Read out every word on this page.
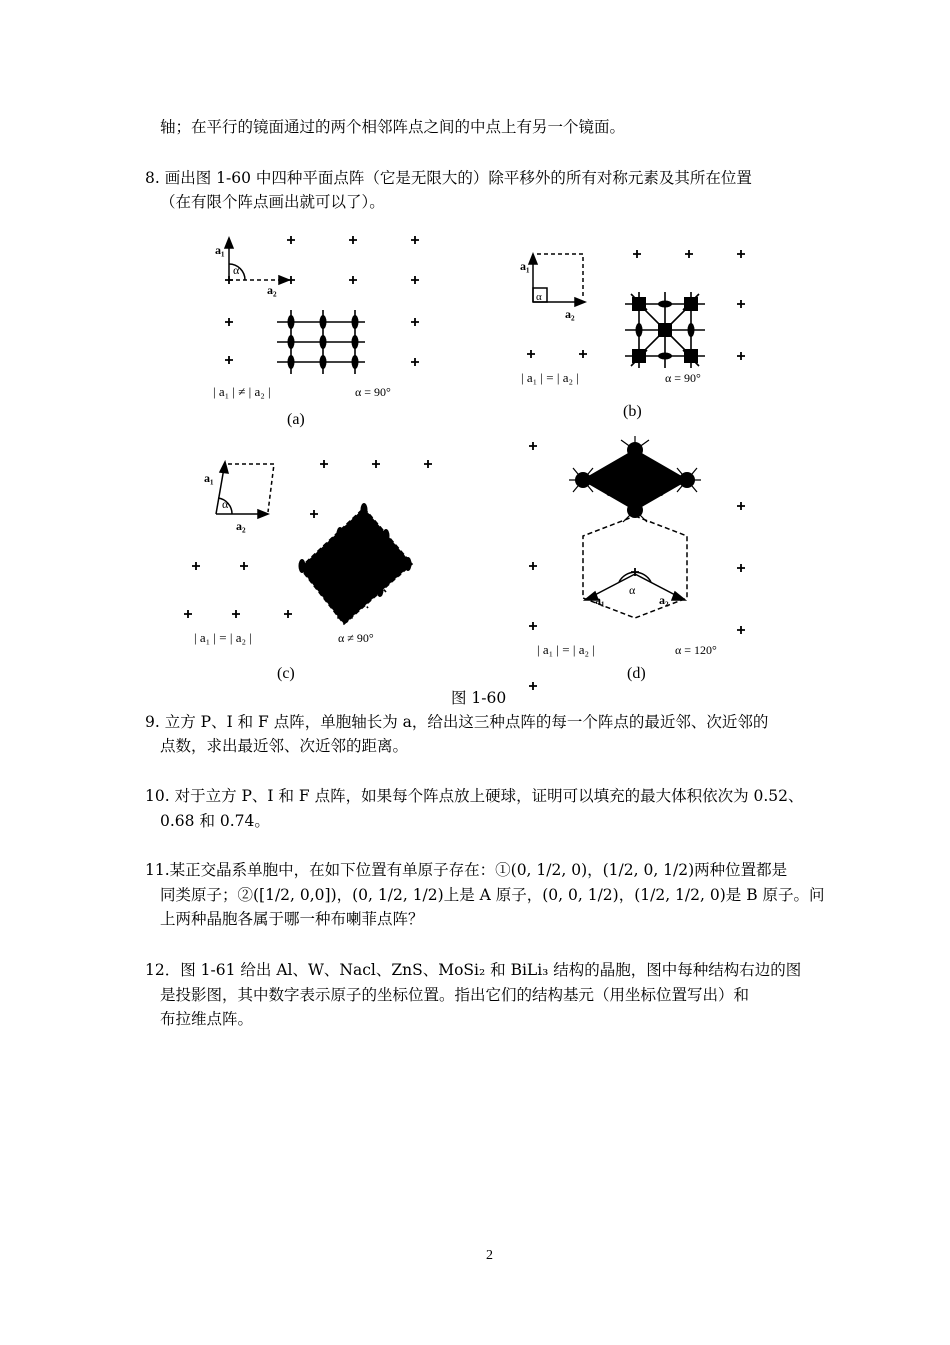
轴；在平行的镜面通过的两个相邻阵点之间的中点上有另一个镜面。
8. 画出图 1-60 中四种平面点阵（它是无限大的）除平移外的所有对称元素及其所在位置
（在有限个阵点画出就可以了）。
a₁
a₂
α
| a₁ | ≠ | a₂ |	α = 90°
(a)
a₁
a₂
α
| a₁ | = | a₂ |	α = 90°
(b)
a₁
a₂
α
| a₁ | = | a₂ |	α ≠ 90°
(c)
a₁	a₂
α
| a₁ | = | a₂ |	α = 120°
(d)
图 1-60
9. 立方 P、I 和 F 点阵，单胞轴长为 a，给出这三种点阵的每一个阵点的最近邻、次近邻的
点数，求出最近邻、次近邻的距离。
10. 对于立方 P、I 和 F 点阵，如果每个阵点放上硬球，证明可以填充的最大体积依次为 0.52、
0.68 和 0.74。
11.某正交晶系单胞中，在如下位置有单原子存在：①(0, 1/2, 0)，(1/2, 0, 1/2)两种位置都是
同类原子；②([1/2, 0,0])，(0, 1/2, 1/2)上是 A 原子，(0, 0, 1/2)，(1/2, 1/2, 0)是 B 原子。问
上两种晶胞各属于哪一种布喇菲点阵？
12．图 1-61 给出 Al、W、Nacl、ZnS、MoSi₂ 和 BiLi₃ 结构的晶胞，图中每种结构右边的图
是投影图，其中数字表示原子的坐标位置。指出它们的结构基元（用坐标位置写出）和
布拉维点阵。
2
